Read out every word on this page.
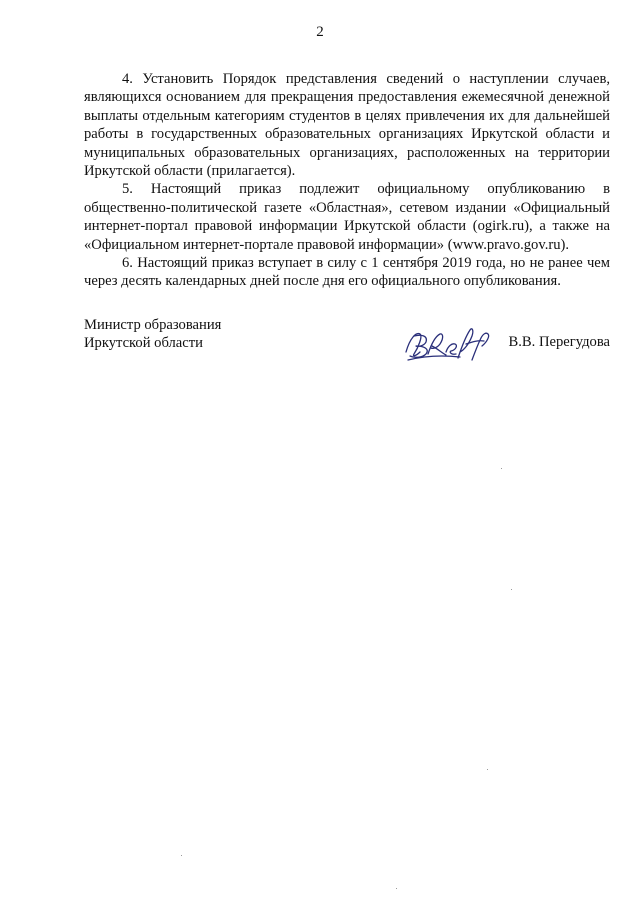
2

4. Установить Порядок представления сведений о наступлении случаев, являющихся основанием для прекращения предоставления ежемесячной денежной выплаты отдельным категориям студентов в целях привлечения их для дальнейшей работы в государственных образовательных организациях Иркутской области и муниципальных образовательных организациях, расположенных на территории Иркутской области (прилагается).

5. Настоящий приказ подлежит официальному опубликованию в общественно-политической газете «Областная», сетевом издании «Официальный интернет-портал правовой информации Иркутской области (ogirk.ru), а также на «Официальном интернет-портале правовой информации» (www.pravo.gov.ru).

6. Настоящий приказ вступает в силу с 1 сентября 2019 года, но не ранее чем через десять календарных дней после дня его официального опубликования.

Министр образования
Иркутской области	В.В. Перегудова
